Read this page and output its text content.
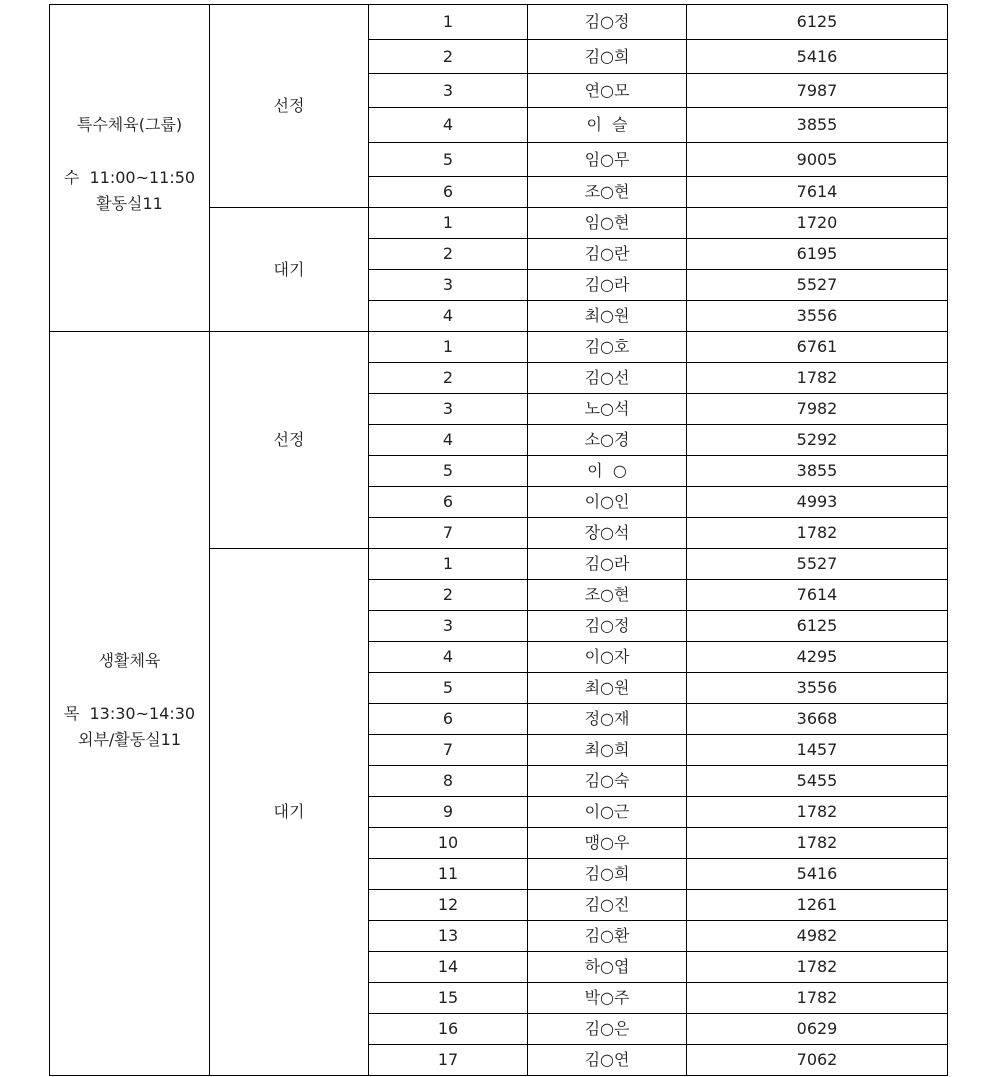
특수체육(그룹)
수  11:00~11:50
활동실11	선정	1	김○정	6125
		2	김○희	5416
		3	연○모	7987
		4	이  슬	3855
		5	임○무	9005
		6	조○현	7614
	대기	1	임○현	1720
		2	김○란	6195
		3	김○라	5527
		4	최○원	3556

생활체육
목  13:30~14:30
외부/활동실11	선정	1	김○호	6761
		2	김○선	1782
		3	노○석	7982
		4	소○경	5292
		5	이  ○	3855
		6	이○인	4993
		7	장○석	1782
	대기	1	김○라	5527
		2	조○현	7614
		3	김○정	6125
		4	이○자	4295
		5	최○원	3556
		6	정○재	3668
		7	최○희	1457
		8	김○숙	5455
		9	이○근	1782
		10	맹○우	1782
		11	김○희	5416
		12	김○진	1261
		13	김○환	4982
		14	하○엽	1782
		15	박○주	1782
		16	김○은	0629
		17	김○연	7062
